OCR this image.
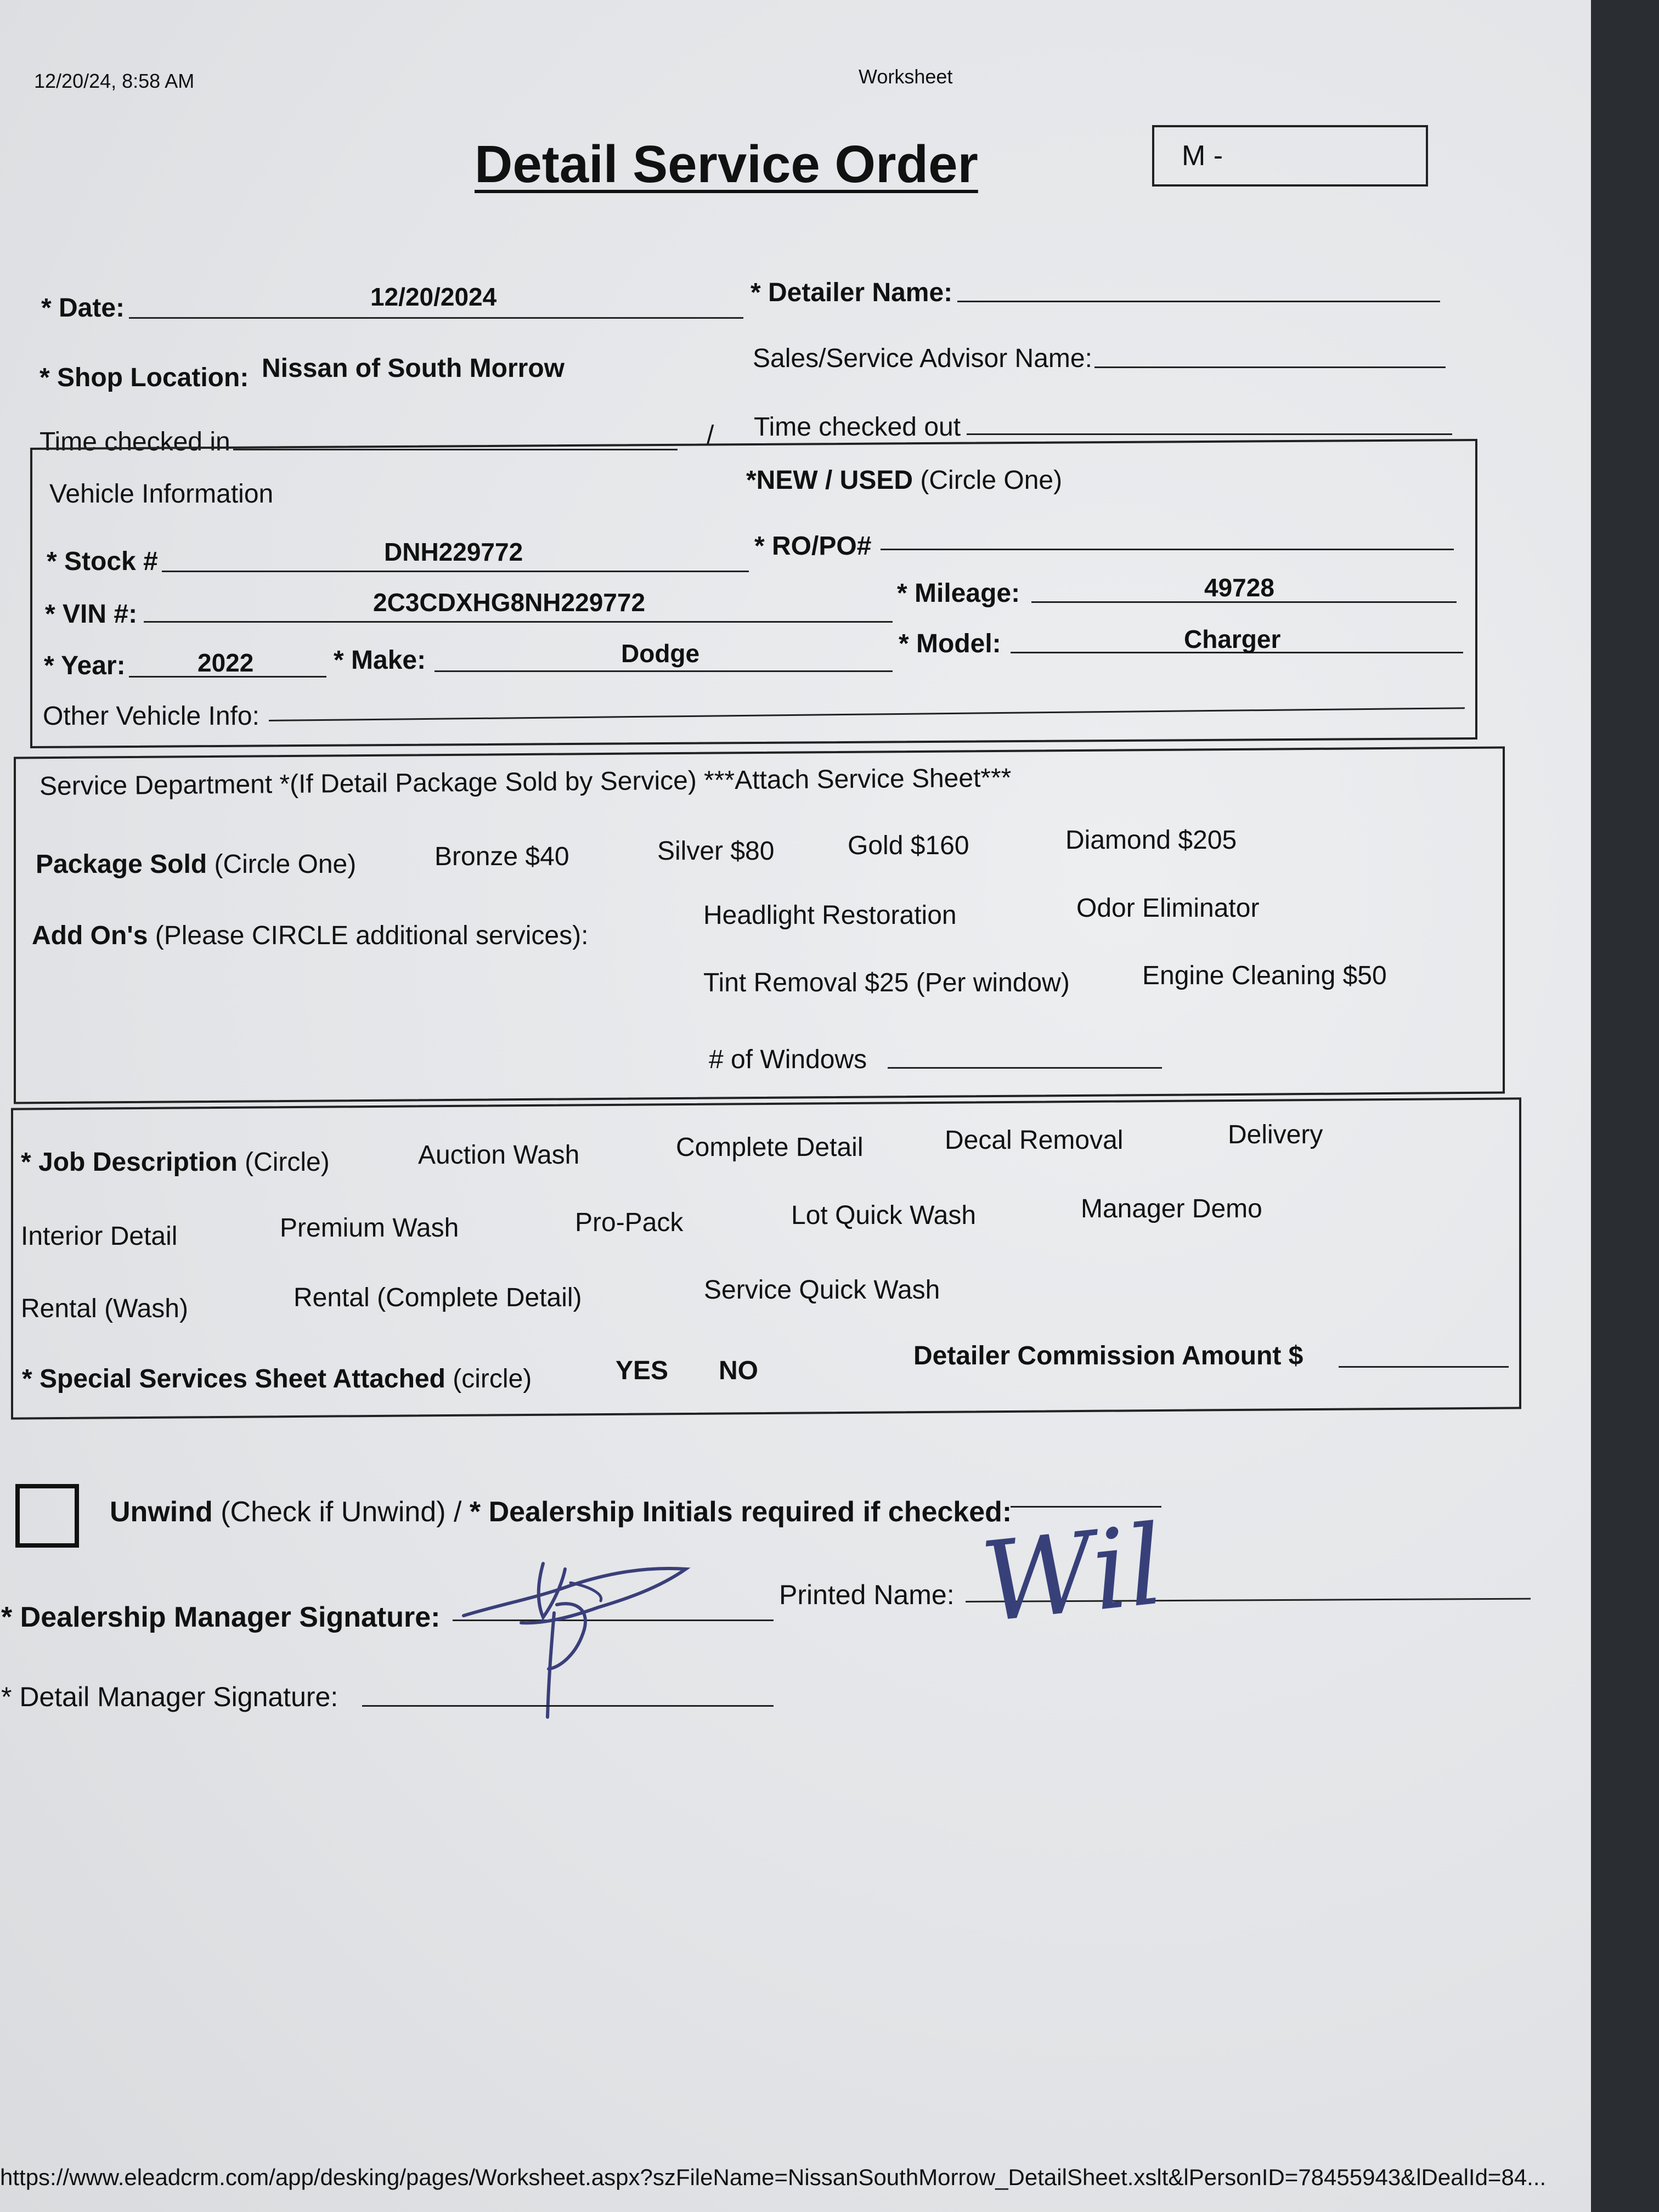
12/20/24, 8:58 AM	Worksheet
Detail Service Order	M -
* Date:	12/20/2024	* Detailer Name:
* Shop Location: Nissan of South Morrow	Sales/Service Advisor Name:
Time checked in	/ Time checked out
Vehicle Information	*NEW / USED (Circle One)
* Stock #	DNH229772	* RO/PO#
* VIN #:	2C3CDXHG8NH229772	* Mileage:	49728
* Year:	2022	* Make:	Dodge	* Model:	Charger
Other Vehicle Info:
Service Department *(If Detail Package Sold by Service) ***Attach Service Sheet***
Package Sold (Circle One)	Bronze $40	Silver $80	Gold $160	Diamond $205
Add On's (Please CIRCLE additional services):
Headlight Restoration	Odor Eliminator
Tint Removal $25 (Per window)	Engine Cleaning $50
# of Windows
* Job Description (Circle)	Auction Wash	Complete Detail	Decal Removal	Delivery
Interior Detail	Premium Wash	Pro-Pack	Lot Quick Wash	Manager Demo
Rental (Wash)	Rental (Complete Detail)	Service Quick Wash
* Special Services Sheet Attached (circle)	YES NO
Detailer Commission Amount $
Unwind (Check if Unwind) / * Dealership Initials required if checked:
* Dealership Manager Signature:
Printed Name: Wil
* Detail Manager Signature:
https://www.eleadcrm.com/app/desking/pages/Worksheet.aspx?szFileName=NissanSouthMorrow_DetailSheet.xslt&lPersonID=78455943&lDealId=84...
